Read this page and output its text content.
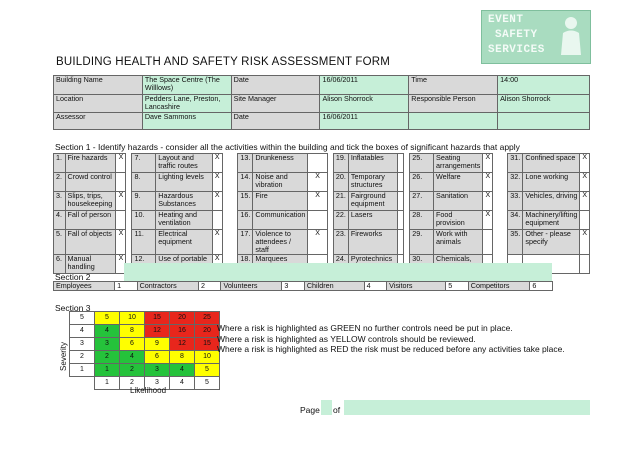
EVENT
SAFETY
SERVICES
BUILDING HEALTH AND SAFETY RISK ASSESSMENT FORM
Building Name	The Space Centre (The Willlows)	Date	16/06/2011	Time	14:00
Location	Pedders Lane, Preston, Lancashire	Site Manager	Alison Shorrock	Responsible Person	Alison Shorrock
Assessor	Dave Sammons	Date	16/06/2011		
Section 1 - Identify hazards - consider all the activities within the building and tick the boxes of significant hazards that apply
1.	Fire hazards	X		7.	Layout and traffic routes	X		13.	Drunkeness			19.	Inflatables			25.	Seating arrangements	X		31.	Confined space	X
2.	Crowd control			8.	Lighting levels	X		14.	Noise and vibration	X		20.	Temporary structures			26.	Welfare	X		32.	Lone working	X
3.	Slips, trips, housekeeping	X		9.	Hazardous Substances	X		15.	Fire	X		21.	Fairground equipment			27.	Sanitation	X		33.	Vehicles, driving	X
4.	Fall of person			10.	Heating and ventilation			16.	Communication			22.	Lasers			28.	Food provision	X		34.	Machinery/lifting equipment	
5.	Fall of objects	X		11.	Electrical equipment	X		17.	Violence to attendees / staff	X		23.	Fireworks			29.	Work with animals			35.	Other - please specify	X
6.	Manual handling	X		12.	Use of portable	X		18.	Marquees			24.	Pyrotechnics			30.	Chemicals,					
Section 2
Employees	1	Contractors	2	Volunteers	3	Children	4	Visitors	5	Competitors	6
Section 3
Severity
5	5	10	15	20	25
4	4	8	12	16	20
3	3	6	9	12	15
2	2	4	6	8	10
1	1	2	3	4	5
	1	2	3	4	5
Likelihood
Where a risk is highlighted as GREEN no further controls need be put in place.
Where a risk is highlighted as YELLOW controls should be reviewed.
Where a risk is highlighted as RED the risk must be reduced before any activities take place.
Page of
